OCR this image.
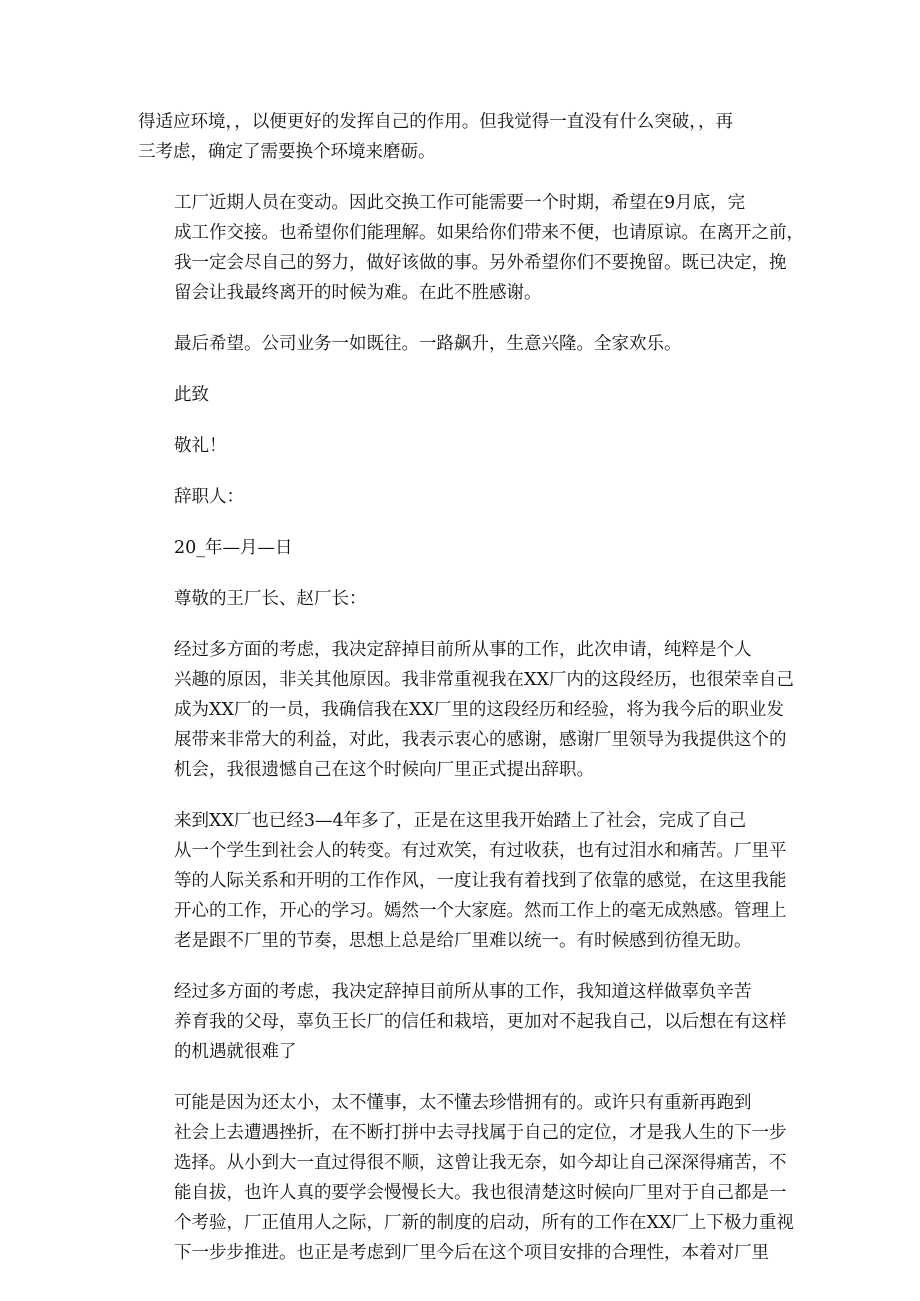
得适应环境，，以便更好的发挥自己的作用。但我觉得一直没有什么突破，，再
三考虑，确定了需要换个环境来磨砺。
工厂近期人员在变动。因此交换工作可能需要一个时期，希望在9月底，完
成工作交接。也希望你们能理解。如果给你们带来不便，也请原谅。在离开之前，
我一定会尽自己的努力，做好该做的事。另外希望你们不要挽留。既已决定，挽
留会让我最终离开的时候为难。在此不胜感谢。
最后希望。公司业务一如既往。一路飙升，生意兴隆。全家欢乐。
此致
敬礼！
辞职人：
20_年—月—日
尊敬的王厂长、赵厂长：
经过多方面的考虑，我决定辞掉目前所从事的工作，此次申请，纯粹是个人
兴趣的原因，非关其他原因。我非常重视我在XX厂内的这段经历，也很荣幸自己
成为XX厂的一员，我确信我在XX厂里的这段经历和经验，将为我今后的职业发
展带来非常大的利益，对此，我表示衷心的感谢，感谢厂里领导为我提供这个的
机会，我很遗憾自己在这个时候向厂里正式提出辞职。
来到XX厂也已经3—4年多了，正是在这里我开始踏上了社会，完成了自己
从一个学生到社会人的转变。有过欢笑，有过收获，也有过泪水和痛苦。厂里平
等的人际关系和开明的工作作风，一度让我有着找到了依靠的感觉，在这里我能
开心的工作，开心的学习。嫣然一个大家庭。然而工作上的毫无成熟感。管理上
老是跟不厂里的节奏，思想上总是给厂里难以统一。有时候感到彷徨无助。
经过多方面的考虑，我决定辞掉目前所从事的工作，我知道这样做辜负辛苦
养育我的父母，辜负王长厂的信任和栽培，更加对不起我自己，以后想在有这样
的机遇就很难了
可能是因为还太小，太不懂事，太不懂去珍惜拥有的。或许只有重新再跑到
社会上去遭遇挫折，在不断打拼中去寻找属于自己的定位，才是我人生的下一步
选择。从小到大一直过得很不顺，这曾让我无奈，如今却让自己深深得痛苦，不
能自拔，也许人真的要学会慢慢长大。我也很清楚这时候向厂里对于自己都是一
个考验，厂正值用人之际，厂新的制度的启动，所有的工作在XX厂上下极力重视
下一步步推进。也正是考虑到厂里今后在这个项目安排的合理性，本着对厂里
